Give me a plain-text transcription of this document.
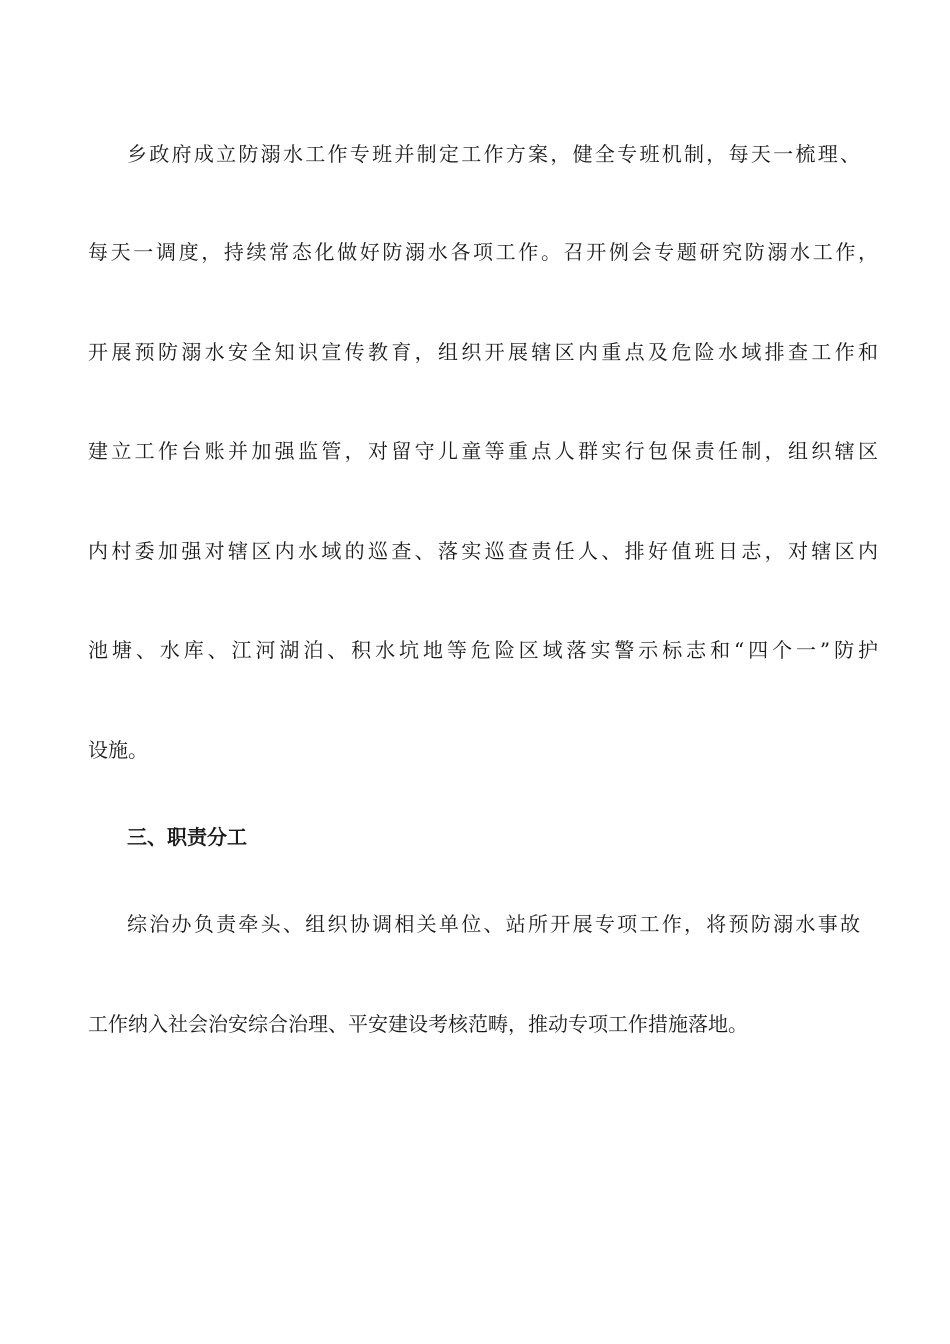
乡政府成立防溺水工作专班并制定工作方案，健全专班机制，每天一梳理、
每天一调度，持续常态化做好防溺水各项工作。召开例会专题研究防溺水工作，
开展预防溺水安全知识宣传教育，组织开展辖区内重点及危险水域排查工作和
建立工作台账并加强监管，对留守儿童等重点人群实行包保责任制，组织辖区
内村委加强对辖区内水域的巡查、落实巡查责任人、排好值班日志，对辖区内
池塘、水库、江河湖泊、积水坑地等危险区域落实警示标志和“四个一”防护
设施。
三、职责分工
综治办负责牵头、组织协调相关单位、站所开展专项工作，将预防溺水事故
工作纳入社会治安综合治理、平安建设考核范畴，推动专项工作措施落地。
